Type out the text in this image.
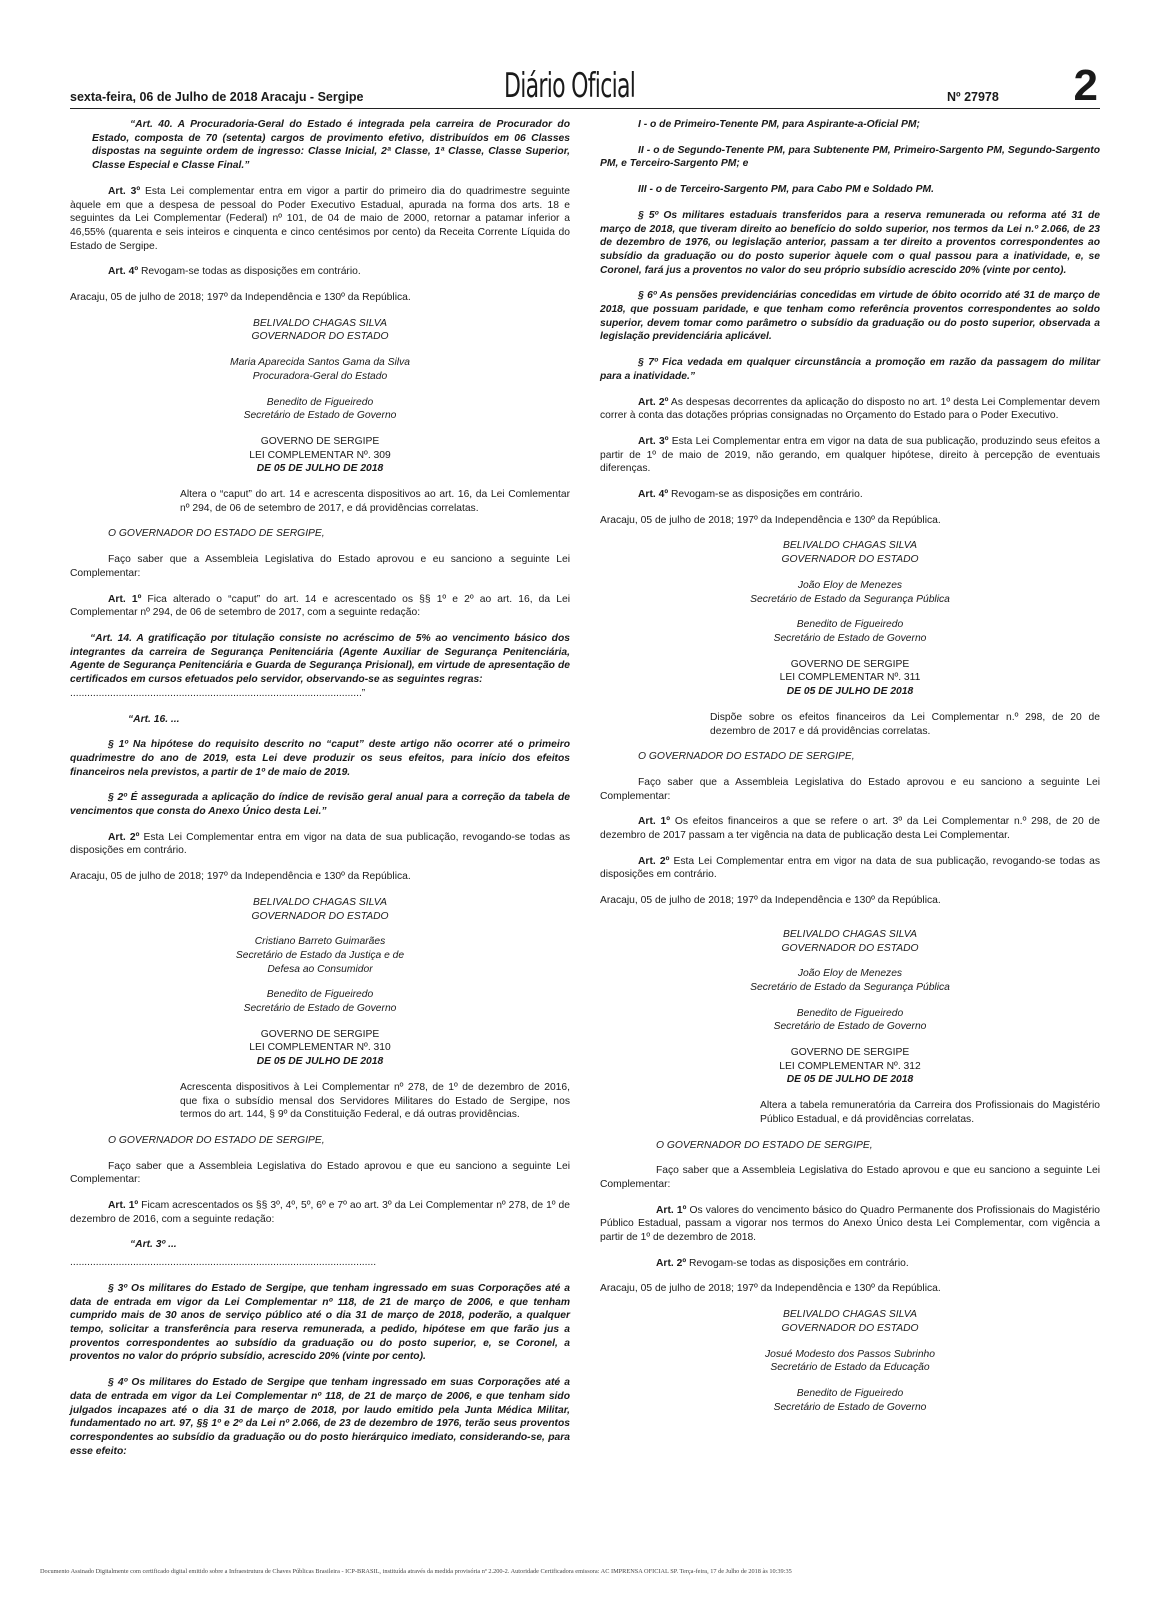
sexta-feira, 06 de Julho de 2018 Aracaju - Sergipe	Diário Oficial	Nº 27978 2

“Art. 40. A Procuradoria-Geral do Estado é integrada pela carreira de Procurador do Estado, composta de 70 (setenta) cargos de provimento efetivo, distribuídos em 06 Classes dispostas na seguinte ordem de ingresso: Classe Inicial, 2ª Classe, 1ª Classe, Classe Superior, Classe Especial e Classe Final.”

Art. 3º Esta Lei complementar entra em vigor a partir do primeiro dia do quadrimestre seguinte àquele em que a despesa de pessoal do Poder Executivo Estadual, apurada na forma dos arts. 18 e seguintes da Lei Complementar (Federal) nº 101, de 04 de maio de 2000, retornar a patamar inferior a 46,55% (quarenta e seis inteiros e cinquenta e cinco centésimos por cento) da Receita Corrente Líquida do Estado de Sergipe.

Art. 4º Revogam-se todas as disposições em contrário.

Aracaju, 05 de julho de 2018; 197º da Independência e 130º da República.

BELIVALDO CHAGAS SILVA
GOVERNADOR DO ESTADO
Maria Aparecida Santos Gama da Silva
Procuradora-Geral do Estado
Benedito de Figueiredo
Secretário de Estado de Governo
GOVERNO DE SERGIPE
LEI COMPLEMENTAR Nº. 309
DE 05 DE JULHO DE 2018

Altera o “caput” do art. 14 e acrescenta dispositivos ao art. 16, da Lei Comlementar nº 294, de 06 de setembro de 2017, e dá providências correlatas.

O GOVERNADOR DO ESTADO DE SERGIPE,

Faço saber que a Assembleia Legislativa do Estado aprovou e eu sanciono a seguinte Lei Complementar:

Art. 1º Fica alterado o “caput” do art. 14 e acrescentado os §§ 1º e 2º ao art. 16, da Lei Complementar nº 294, de 06 de setembro de 2017, com a seguinte redação:

“Art. 14. A gratificação por titulação consiste no acréscimo de 5% ao vencimento básico dos integrantes da carreira de Segurança Penitenciária (Agente Auxiliar de Segurança Penitenciária, Agente de Segurança Penitenciária e Guarda de Segurança Prisional), em virtude de apresentação de certificados em cursos efetuados pelo servidor, observando-se as seguintes regras:

......................................................................................................”

“Art. 16. ...

§ 1º Na hipótese do requisito descrito no “caput” deste artigo não ocorrer até o primeiro quadrimestre do ano de 2019, esta Lei deve produzir os seus efeitos, para início dos efeitos financeiros nela previstos, a partir de 1º de maio de 2019.

§ 2º É assegurada a aplicação do índice de revisão geral anual para a correção da tabela de vencimentos que consta do Anexo Único desta Lei.”

Art. 2º Esta Lei Complementar entra em vigor na data de sua publicação, revogando-se todas as disposições em contrário.

Aracaju, 05 de julho de 2018; 197º da Independência e 130º da República.

BELIVALDO CHAGAS SILVA
GOVERNADOR DO ESTADO
Cristiano Barreto Guimarães
Secretário de Estado da Justiça e de
Defesa ao Consumidor
Benedito de Figueiredo
Secretário de Estado de Governo
GOVERNO DE SERGIPE
LEI COMPLEMENTAR Nº. 310
DE 05 DE JULHO DE 2018

Acrescenta dispositivos à Lei Complementar nº 278, de 1º de dezembro de 2016, que fixa o subsídio mensal dos Servidores Militares do Estado de Sergipe, nos termos do art. 144, § 9º da Constituição Federal, e dá outras providências.

O GOVERNADOR DO ESTADO DE SERGIPE,

Faço saber que a Assembleia Legislativa do Estado aprovou e que eu sanciono a seguinte Lei Complementar:

Art. 1º Ficam acrescentados os §§ 3º, 4º, 5º, 6º e 7º ao art. 3º da Lei Complementar nº 278, de 1º de dezembro de 2016, com a seguinte redação:

“Art. 3º ...

...........................................................................................................

§ 3º Os militares do Estado de Sergipe, que tenham ingressado em suas Corporações até a data de entrada em vigor da Lei Complementar nº 118, de 21 de março de 2006, e que tenham cumprido mais de 30 anos de serviço público até o dia 31 de março de 2018, poderão, a qualquer tempo, solicitar a transferência para reserva remunerada, a pedido, hipótese em que farão jus a proventos correspondentes ao subsídio da graduação ou do posto superior, e, se Coronel, a proventos no valor do próprio subsídio, acrescido 20% (vinte por cento).

§ 4º Os militares do Estado de Sergipe que tenham ingressado em suas Corporações até a data de entrada em vigor da Lei Complementar nº 118, de 21 de março de 2006, e que tenham sido julgados incapazes até o dia 31 de março de 2018, por laudo emitido pela Junta Médica Militar, fundamentado no art. 97, §§ 1º e 2º da Lei nº 2.066, de 23 de dezembro de 1976, terão seus proventos correspondentes ao subsídio da graduação ou do posto hierárquico imediato, considerando-se, para esse efeito:

I - o de Primeiro-Tenente PM, para Aspirante-a-Oficial PM;

II - o de Segundo-Tenente PM, para Subtenente PM, Primeiro-Sargento PM, Segundo-Sargento PM, e Terceiro-Sargento PM; e

III - o de Terceiro-Sargento PM, para Cabo PM e Soldado PM.

§ 5º Os militares estaduais transferidos para a reserva remunerada ou reforma até 31 de março de 2018, que tiveram direito ao benefício do soldo superior, nos termos da Lei n.º 2.066, de 23 de dezembro de 1976, ou legislação anterior, passam a ter direito a proventos correspondentes ao subsídio da graduação ou do posto superior àquele com o qual passou para a inatividade, e, se Coronel, fará jus a proventos no valor do seu próprio subsídio acrescido 20% (vinte por cento).

§ 6º As pensões previdenciárias concedidas em virtude de óbito ocorrido até 31 de março de 2018, que possuam paridade, e que tenham como referência proventos correspondentes ao soldo superior, devem tomar como parâmetro o subsídio da graduação ou do posto superior, observada a legislação previdenciária aplicável.

§ 7º Fica vedada em qualquer circunstância a promoção em razão da passagem do militar para a inatividade.”

Art. 2º As despesas decorrentes da aplicação do disposto no art. 1º desta Lei Complementar devem correr à conta das dotações próprias consignadas no Orçamento do Estado para o Poder Executivo.

Art. 3º Esta Lei Complementar entra em vigor na data de sua publicação, produzindo seus efeitos a partir de 1º de maio de 2019, não gerando, em qualquer hipótese, direito à percepção de eventuais diferenças.

Art. 4º Revogam-se as disposições em contrário.

Aracaju, 05 de julho de 2018; 197º da Independência e 130º da República.

BELIVALDO CHAGAS SILVA
GOVERNADOR DO ESTADO
João Eloy de Menezes
Secretário de Estado da Segurança Pública
Benedito de Figueiredo
Secretário de Estado de Governo
GOVERNO DE SERGIPE
LEI COMPLEMENTAR Nº. 311
DE 05 DE JULHO DE 2018

Dispõe sobre os efeitos financeiros da Lei Complementar n.º 298, de 20 de dezembro de 2017 e dá providências correlatas.

O GOVERNADOR DO ESTADO DE SERGIPE,

Faço saber que a Assembleia Legislativa do Estado aprovou e eu sanciono a seguinte Lei Complementar:

Art. 1º Os efeitos financeiros a que se refere o art. 3º da Lei Complementar n.º 298, de 20 de dezembro de 2017 passam a ter vigência na data de publicação desta Lei Complementar.

Art. 2º Esta Lei Complementar entra em vigor na data de sua publicação, revogando-se todas as disposições em contrário.

Aracaju, 05 de julho de 2018; 197º da Independência e 130º da República.

BELIVALDO CHAGAS SILVA
GOVERNADOR DO ESTADO
João Eloy de Menezes
Secretário de Estado da Segurança Pública
Benedito de Figueiredo
Secretário de Estado de Governo
GOVERNO DE SERGIPE
LEI COMPLEMENTAR Nº. 312
DE 05 DE JULHO DE 2018

Altera a tabela remuneratória da Carreira dos Profissionais do Magistério Público Estadual, e dá providências correlatas.

O GOVERNADOR DO ESTADO DE SERGIPE,

Faço saber que a Assembleia Legislativa do Estado aprovou e que eu sanciono a seguinte Lei Complementar:

Art. 1º Os valores do vencimento básico do Quadro Permanente dos Profissionais do Magistério Público Estadual, passam a vigorar nos termos do Anexo Único desta Lei Complementar, com vigência a partir de 1º de dezembro de 2018.

Art. 2º Revogam-se todas as disposições em contrário.

Aracaju, 05 de julho de 2018; 197º da Independência e 130º da República.

BELIVALDO CHAGAS SILVA
GOVERNADOR DO ESTADO
Josué Modesto dos Passos Subrinho
Secretário de Estado da Educação
Benedito de Figueiredo
Secretário de Estado de Governo
Documento Assinado Digitalmente com certificado digital emitido sobre a Infraestrutura de Chaves Públicas Brasileira - ICP-BRASIL, instituída através da medida provisória nº 2.200-2. Autoridade Certificadora emissora: AC IMPRENSA OFICIAL SP. Terça-feira, 17 de Julho de 2018 às 10:39:35
